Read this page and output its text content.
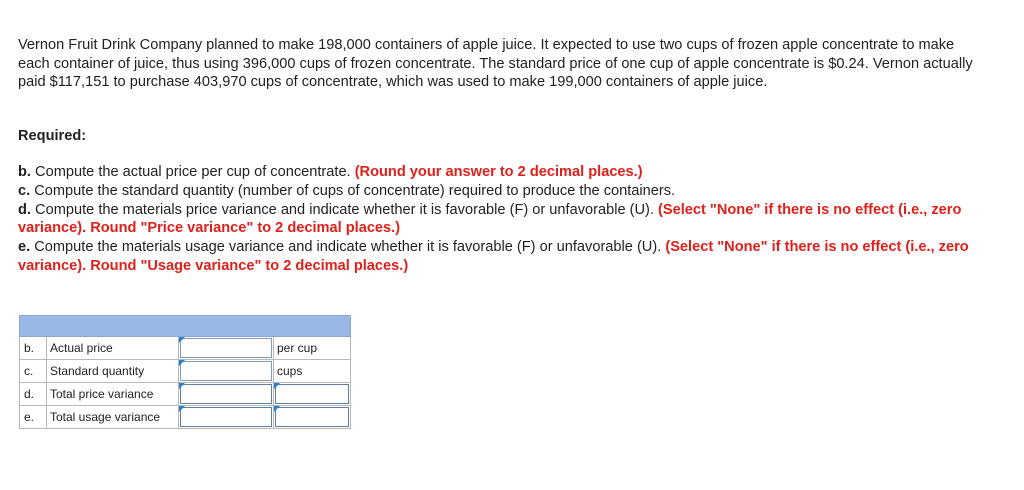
Vernon Fruit Drink Company planned to make 198,000 containers of apple juice. It expected to use two cups of frozen apple concentrate to make each container of juice, thus using 396,000 cups of frozen concentrate. The standard price of one cup of apple concentrate is $0.24. Vernon actually paid $117,151 to purchase 403,970 cups of concentrate, which was used to make 199,000 containers of apple juice.
Required:
b. Compute the actual price per cup of concentrate. (Round your answer to 2 decimal places.)
c. Compute the standard quantity (number of cups of concentrate) required to produce the containers.
d. Compute the materials price variance and indicate whether it is favorable (F) or unfavorable (U). (Select "None" if there is no effect (i.e., zero variance). Round "Price variance" to 2 decimal places.)
e. Compute the materials usage variance and indicate whether it is favorable (F) or unfavorable (U). (Select "None" if there is no effect (i.e., zero variance). Round "Usage variance" to 2 decimal places.)

b.	Actual price		per cup
c.	Standard quantity		cups
d.	Total price variance	

e.	Total usage variance	
